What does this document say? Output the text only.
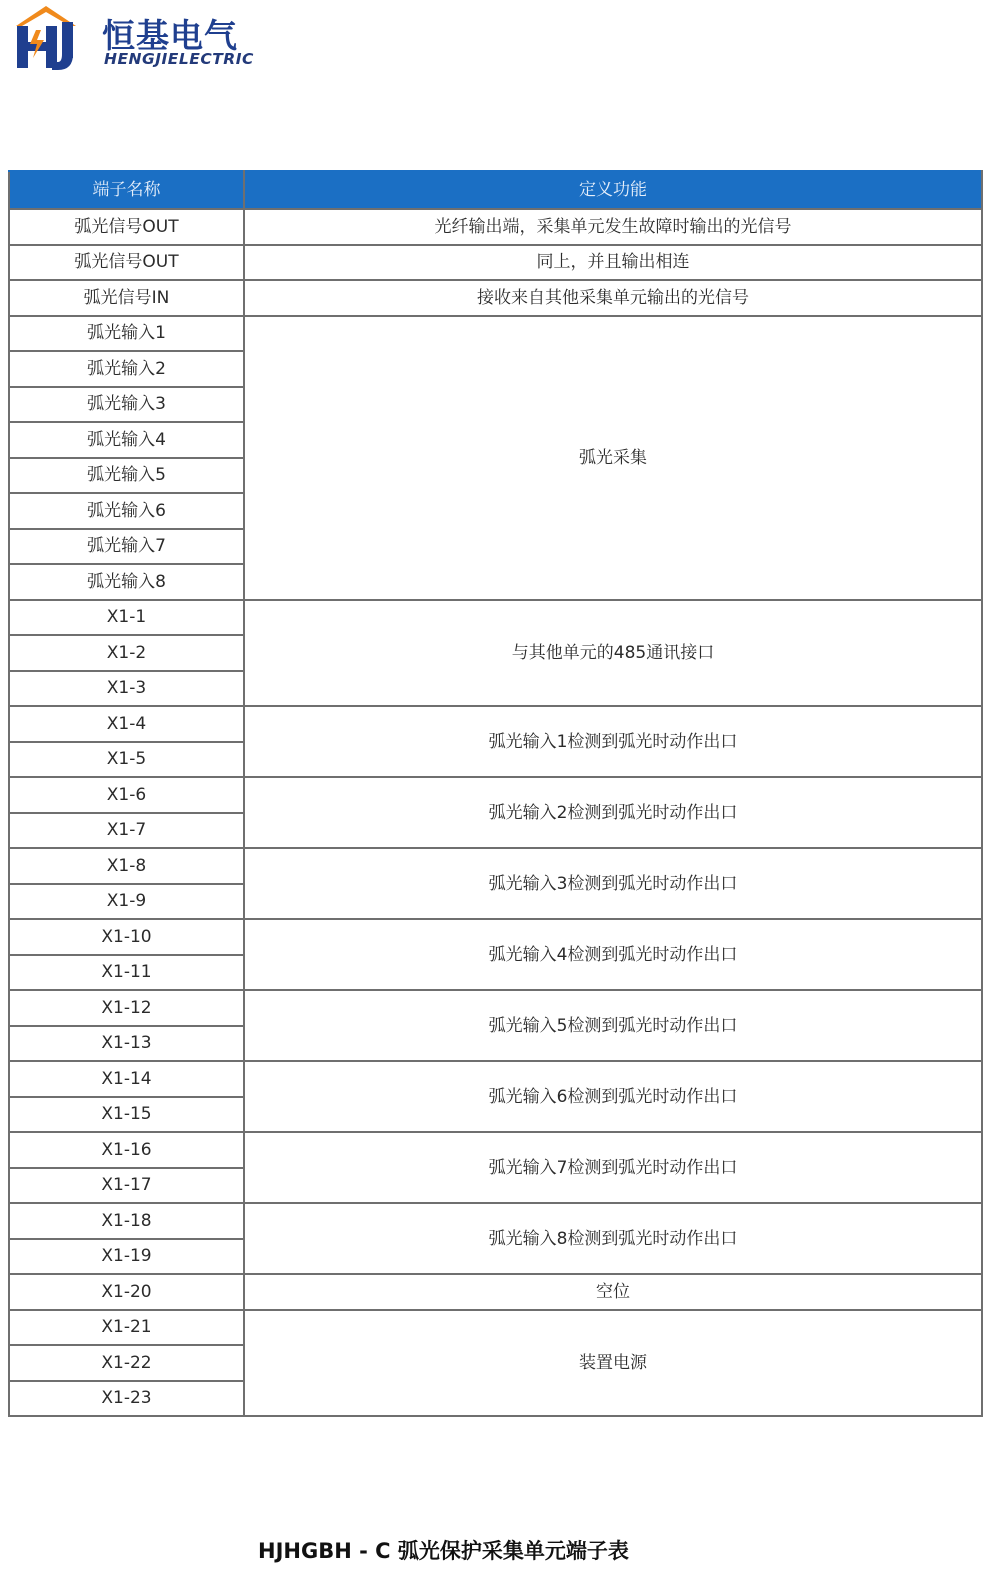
恒基电气
HENGJIELECTRIC
端子名称	定义功能
弧光信号OUT	光纤输出端，采集单元发生故障时输出的光信号
弧光信号OUT	同上，并且输出相连
弧光信号IN	接收来自其他采集单元输出的光信号
弧光输入1	弧光采集
弧光输入2	
弧光输入3	
弧光输入4	
弧光输入5	
弧光输入6	
弧光输入7	
弧光输入8	
X1-1	与其他单元的485通讯接口
X1-2	
X1-3	
X1-4	弧光输入1检测到弧光时动作出口
X1-5	
X1-6	弧光输入2检测到弧光时动作出口
X1-7	
X1-8	弧光输入3检测到弧光时动作出口
X1-9	
X1-10	弧光输入4检测到弧光时动作出口
X1-11	
X1-12	弧光输入5检测到弧光时动作出口
X1-13	
X1-14	弧光输入6检测到弧光时动作出口
X1-15	
X1-16	弧光输入7检测到弧光时动作出口
X1-17	
X1-18	弧光输入8检测到弧光时动作出口
X1-19	
X1-20	空位
X1-21	装置电源
X1-22	
X1-23	
HJHGBH - C 弧光保护采集单元端子表
